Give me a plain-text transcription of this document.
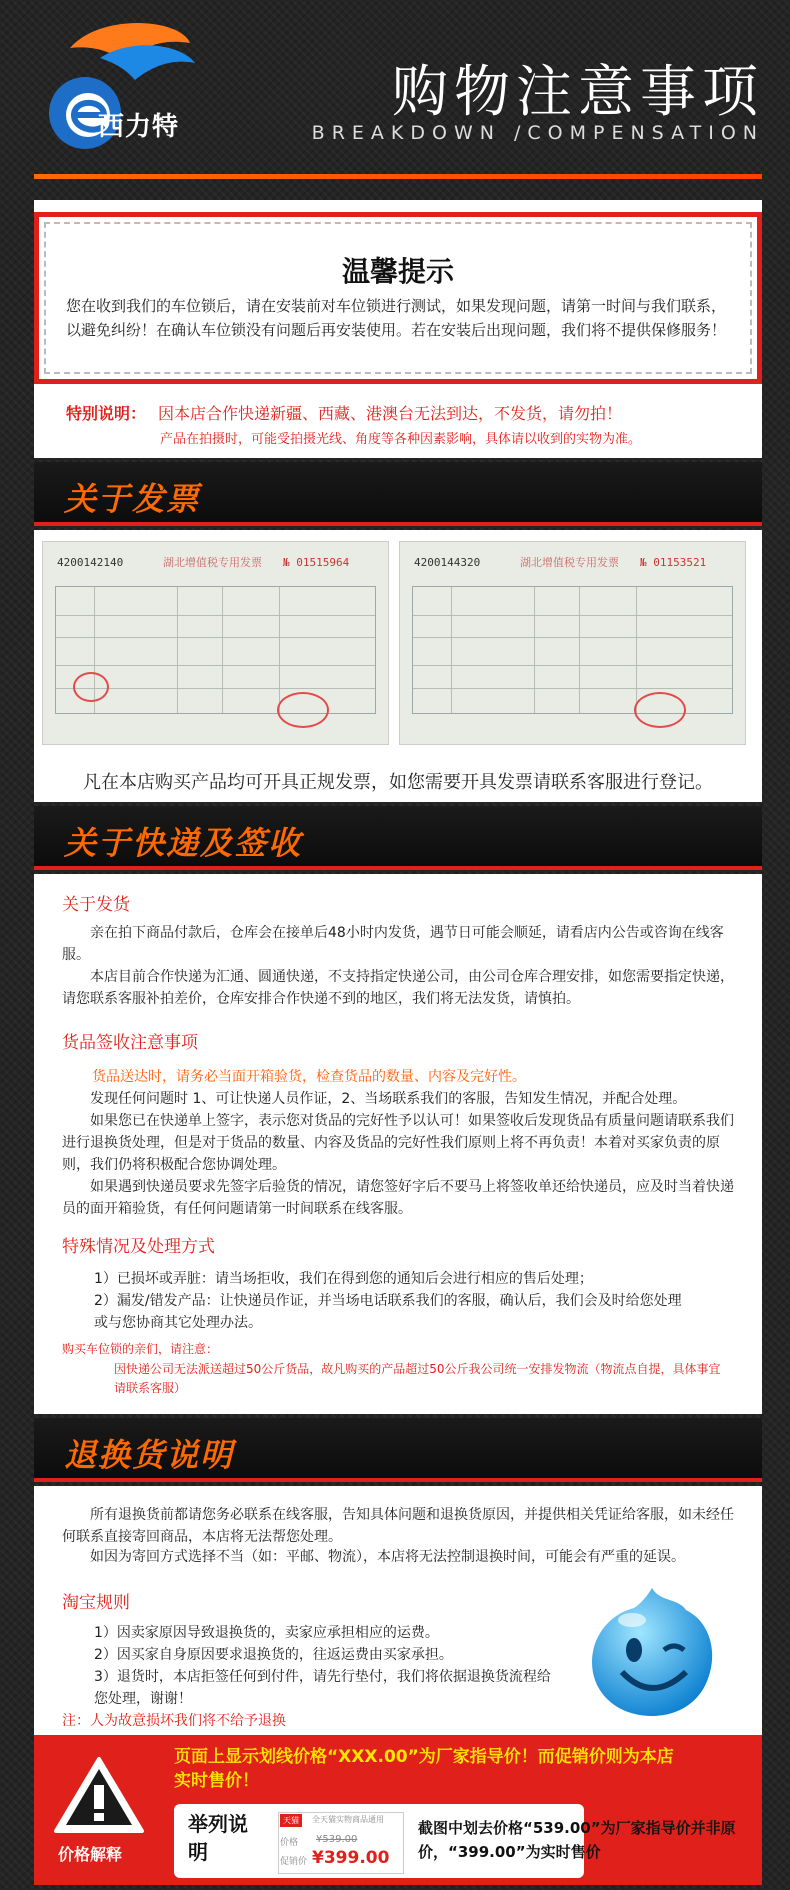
西力特
购物注意事项
BREAKDOWN /COMPENSATION
温馨提示
您在收到我们的车位锁后，请在安装前对车位锁进行测试，如果发现问题，请第一时间与我们联系，以避免纠纷！在确认车位锁没有问题后再安装使用。若在安装后出现问题，我们将不提供保修服务！
特别说明： 因本店合作快递新疆、西藏、港澳台无法到达，不发货，请勿拍！
产品在拍摄时，可能受拍摄光线、角度等各种因素影响，具体请以收到的实物为准。
关于发票
4200142140	湖北增值税专用发票 № 01515964	4200144320	湖北增值税专用发票 № 01153521
凡在本店购买产品均可开具正规发票，如您需要开具发票请联系客服进行登记。
关于快递及签收
关于发货
亲在拍下商品付款后，仓库会在接单后48小时内发货，遇节日可能会顺延，请看店内公告或咨询在线客服。
本店目前合作快递为汇通、圆通快递，不支持指定快递公司，由公司仓库合理安排，如您需要指定快递，请您联系客服补拍差价，仓库安排合作快递不到的地区，我们将无法发货，请慎拍。
货品签收注意事项
货品送达时，请务必当面开箱验货，检查货品的数量、内容及完好性。
发现任何问题时 1、可让快递人员作证，2、当场联系我们的客服，告知发生情况，并配合处理。
如果您已在快递单上签字，表示您对货品的完好性予以认可！如果签收后发现货品有质量问题请联系我们进行退换货处理，但是对于货品的数量、内容及货品的完好性我们原则上将不再负责！本着对买家负责的原则，我们仍将积极配合您协调处理。
如果遇到快递员要求先签字后验货的情况，请您签好字后不要马上将签收单还给快递员，应及时当着快递员的面开箱验货，有任何问题请第一时间联系在线客服。
特殊情况及处理方式
1）已损坏或弄脏：请当场拒收，我们在得到您的通知后会进行相应的售后处理；
2）漏发/错发产品：让快递员作证，并当场电话联系我们的客服，确认后，我们会及时给您处理或与您协商其它处理办法。
购买车位锁的亲们，请注意：
因快递公司无法派送超过50公斤货品，故凡购买的产品超过50公斤我公司统一安排发物流（物流点自提，具体事宜请联系客服）
退换货说明
所有退换货前都请您务必联系在线客服，告知具体问题和退换货原因，并提供相关凭证给客服，如未经任何联系直接寄回商品，本店将无法帮您处理。
如因为寄回方式选择不当（如：平邮、物流），本店将无法控制退换时间，可能会有严重的延误。
淘宝规则
1）因卖家原因导致退换货的，卖家应承担相应的运费。
2）因买家自身原因要求退换货的，往返运费由买家承担。
3）退货时，本店拒签任何到付件，请先行垫付，我们将依据退换货流程给您处理，谢谢！
注：人为故意损坏我们将不给予退换
页面上显示划线价格“XXX.00”为厂家指导价！而促销价则为本店实时售价！
价格解释
举列说明
天猫	全天猫实物商品通用
价格 ¥539.00
促销价 ¥399.00
截图中划去价格“539.00”为厂家指导价并非原价，“399.00”为实时售价
